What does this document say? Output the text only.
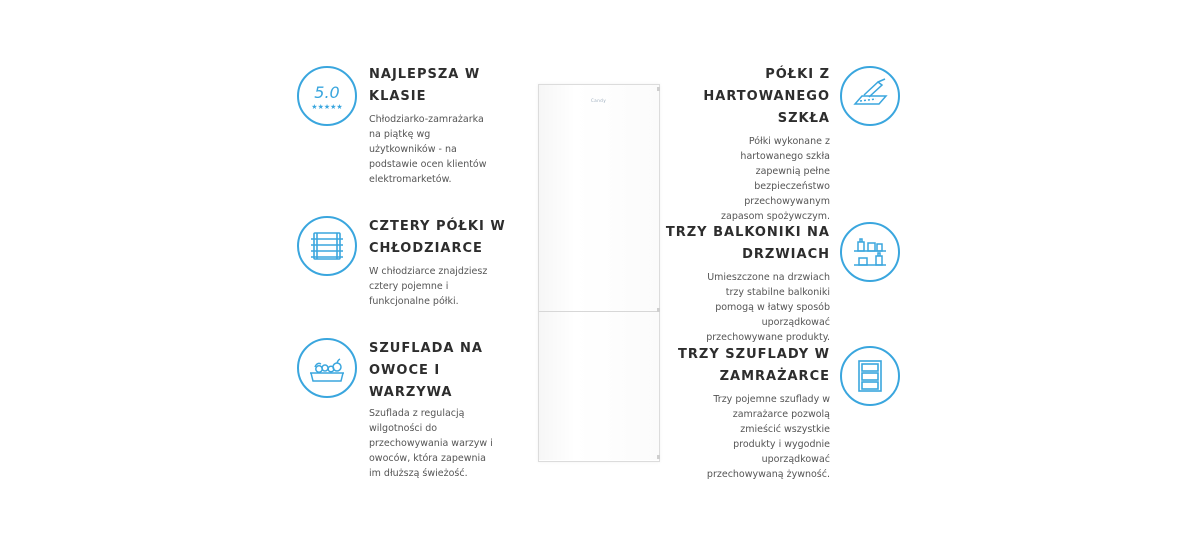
5.0
★★★★★
NAJLEPSZA W
KLASIE
Chłodziarko-zamrażarka
na piątkę wg
użytkowników - na
podstawie ocen klientów
elektromarketów.
CZTERY PÓŁKI W
CHŁODZIARCE
W chłodziarce znajdziesz
cztery pojemne i
funkcjonalne półki.
SZUFLADA NA
OWOCE I
WARZYWA
Szuflada z regulacją
wilgotności do
przechowywania warzyw i
owoców, która zapewnia
im dłuższą świeżość.
Candy
PÓŁKI Z
HARTOWANEGO
SZKŁA
Półki wykonane z
hartowanego szkła
zapewnią pełne
bezpieczeństwo
przechowywanym
zapasom spożywczym.
TRZY BALKONIKI NA
DRZWIACH
Umieszczone na drzwiach
trzy stabilne balkoniki
pomogą w łatwy sposób
uporządkować
przechowywane produkty.
TRZY SZUFLADY W
ZAMRAŻARCE
Trzy pojemne szuflady w
zamrażarce pozwolą
zmieścić wszystkie
produkty i wygodnie
uporządkować
przechowywaną żywność.
